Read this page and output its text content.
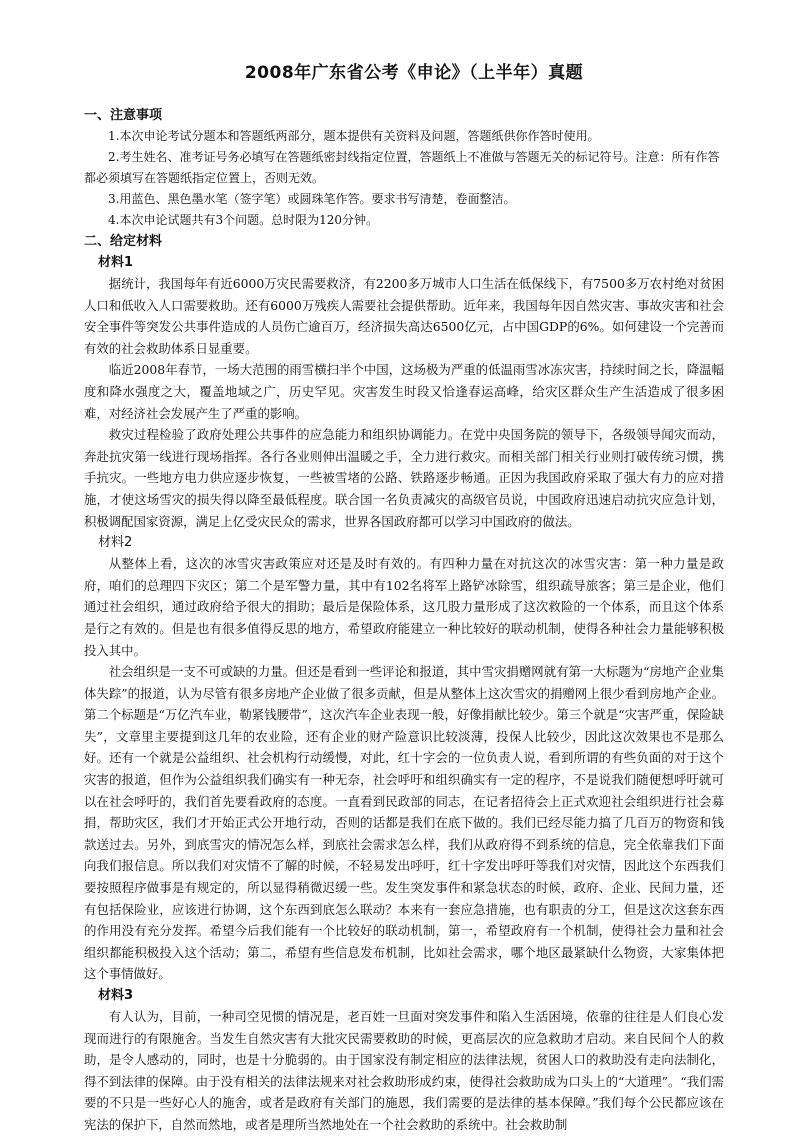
2008年广东省公考《申论》（上半年）真题
一、注意事项

1.本次申论考试分题本和答题纸两部分，题本提供有关资料及问题，答题纸供你作答时使用。

2.考生姓名、准考证号务必填写在答题纸密封线指定位置，答题纸上不准做与答题无关的标记符号。注意：所有作答都必须填写在答题纸指定位置上，否则无效。

3.用蓝色、黑色墨水笔（签字笔）或圆珠笔作答。要求书写清楚，卷面整洁。

4.本次申论试题共有3个问题。总时限为120分钟。

二、给定材料
材料1

据统计，我国每年有近6000万灾民需要救济，有2200多万城市人口生活在低保线下，有7500多万农村绝对贫困人口和低收入人口需要救助。还有6000万残疾人需要社会提供帮助。近年来，我国每年因自然灾害、事故灾害和社会安全事件等突发公共事件造成的人员伤亡逾百万，经济损失高达6500亿元，占中国GDP的6%。如何建设一个完善而有效的社会救助体系日显重要。

临近2008年春节，一场大范围的雨雪横扫半个中国，这场极为严重的低温雨雪冰冻灾害，持续时间之长，降温幅度和降水强度之大，覆盖地域之广，历史罕见。灾害发生时段又恰逢春运高峰，给灾区群众生产生活造成了很多困难，对经济社会发展产生了严重的影响。

救灾过程检验了政府处理公共事件的应急能力和组织协调能力。在党中央国务院的领导下，各级领导闻灾而动，奔赴抗灾第一线进行现场指挥。各行各业则伸出温暖之手，全力进行救灾。而相关部门相关行业则打破传统习惯，携手抗灾。一些地方电力供应逐步恢复，一些被雪堵的公路、铁路逐步畅通。正因为我国政府采取了强大有力的应对措施，才使这场雪灾的损失得以降至最低程度。联合国一名负责减灾的高级官员说，中国政府迅速启动抗灾应急计划，积极调配国家资源，满足上亿受灾民众的需求，世界各国政府都可以学习中国政府的做法。

材料2

从整体上看，这次的冰雪灾害政策应对还是及时有效的。有四种力量在对抗这次的冰雪灾害：第一种力量是政府，咱们的总理四下灾区；第二个是军警力量，其中有102名将军上路铲冰除雪，组织疏导旅客；第三是企业，他们通过社会组织，通过政府给予很大的捐助；最后是保险体系，这几股力量形成了这次救险的一个体系，而且这个体系是行之有效的。但是也有很多值得反思的地方，希望政府能建立一种比较好的联动机制，使得各种社会力量能够积极投入其中。

社会组织是一支不可或缺的力量。但还是看到一些评论和报道，其中雪灾捐赠网就有第一大标题为“房地产企业集体失踪”的报道，认为尽管有很多房地产企业做了很多贡献，但是从整体上这次雪灾的捐赠网上很少看到房地产企业。第二个标题是“万亿汽车业，勒紧钱腰带”，这次汽车企业表现一般，好像捐献比较少。第三个就是“灾害严重，保险缺失”，文章里主要提到这几年的农业险，还有企业的财产险意识比较淡薄，投保人比较少，因此这次效果也不是那么好。还有一个就是公益组织、社会机构行动缓慢，对此，红十字会的一位负责人说，看到所谓的有些负面的对于这个灾害的报道，但作为公益组织我们确实有一种无奈，社会呼吁和组织确实有一定的程序，不是说我们随便想呼吁就可以在社会呼吁的，我们首先要看政府的态度。一直看到民政部的同志，在记者招待会上正式欢迎社会组织进行社会募捐，帮助灾区，我们才开始正式公开地行动，否则的话都是我们在底下做的。我们已经尽能力搞了几百万的物资和钱款送过去。另外，到底雪灾的情况怎么样，到底社会需求怎么样，我们从政府得不到系统的信息，完全依靠我们下面向我们报信息。所以我们对灾情不了解的时候，不轻易发出呼吁，红十字发出呼吁等我们对灾情，因此这个东西我们要按照程序做事是有规定的，所以显得稍微迟缓一些。发生突发事件和紧急状态的时候，政府、企业、民间力量，还有包括保险业，应该进行协调，这个东西到底怎么联动？本来有一套应急措施，也有职责的分工，但是这次这套东西的作用没有充分发挥。希望今后我们能有一个比较好的联动机制，第一，希望政府有一个机制，使得社会力量和社会组织都能积极投入这个活动；第二，希望有些信息发布机制，比如社会需求，哪个地区最紧缺什么物资，大家集体把这个事情做好。

材料3

有人认为，目前，一种司空见惯的情况是，老百姓一旦面对突发事件和陷入生活困境，依靠的往往是人们良心发现而进行的有限施舍。当发生自然灾害有大批灾民需要救助的时候，更高层次的应急救助才启动。来自民间个人的救助，是令人感动的，同时，也是十分脆弱的。由于国家没有制定相应的法律法规，贫困人口的救助没有走向法制化，得不到法律的保障。由于没有相关的法律法规来对社会救助形成约束，使得社会救助成为口头上的“大道理”。“我们需要的不只是一些好心人的施舍，或者是政府有关部门的施恩，我们需要的是法律的基本保障。”我们每个公民都应该在宪法的保护下，自然而然地，或者是理所当然地处在一个社会救助的系统中。社会救助制
